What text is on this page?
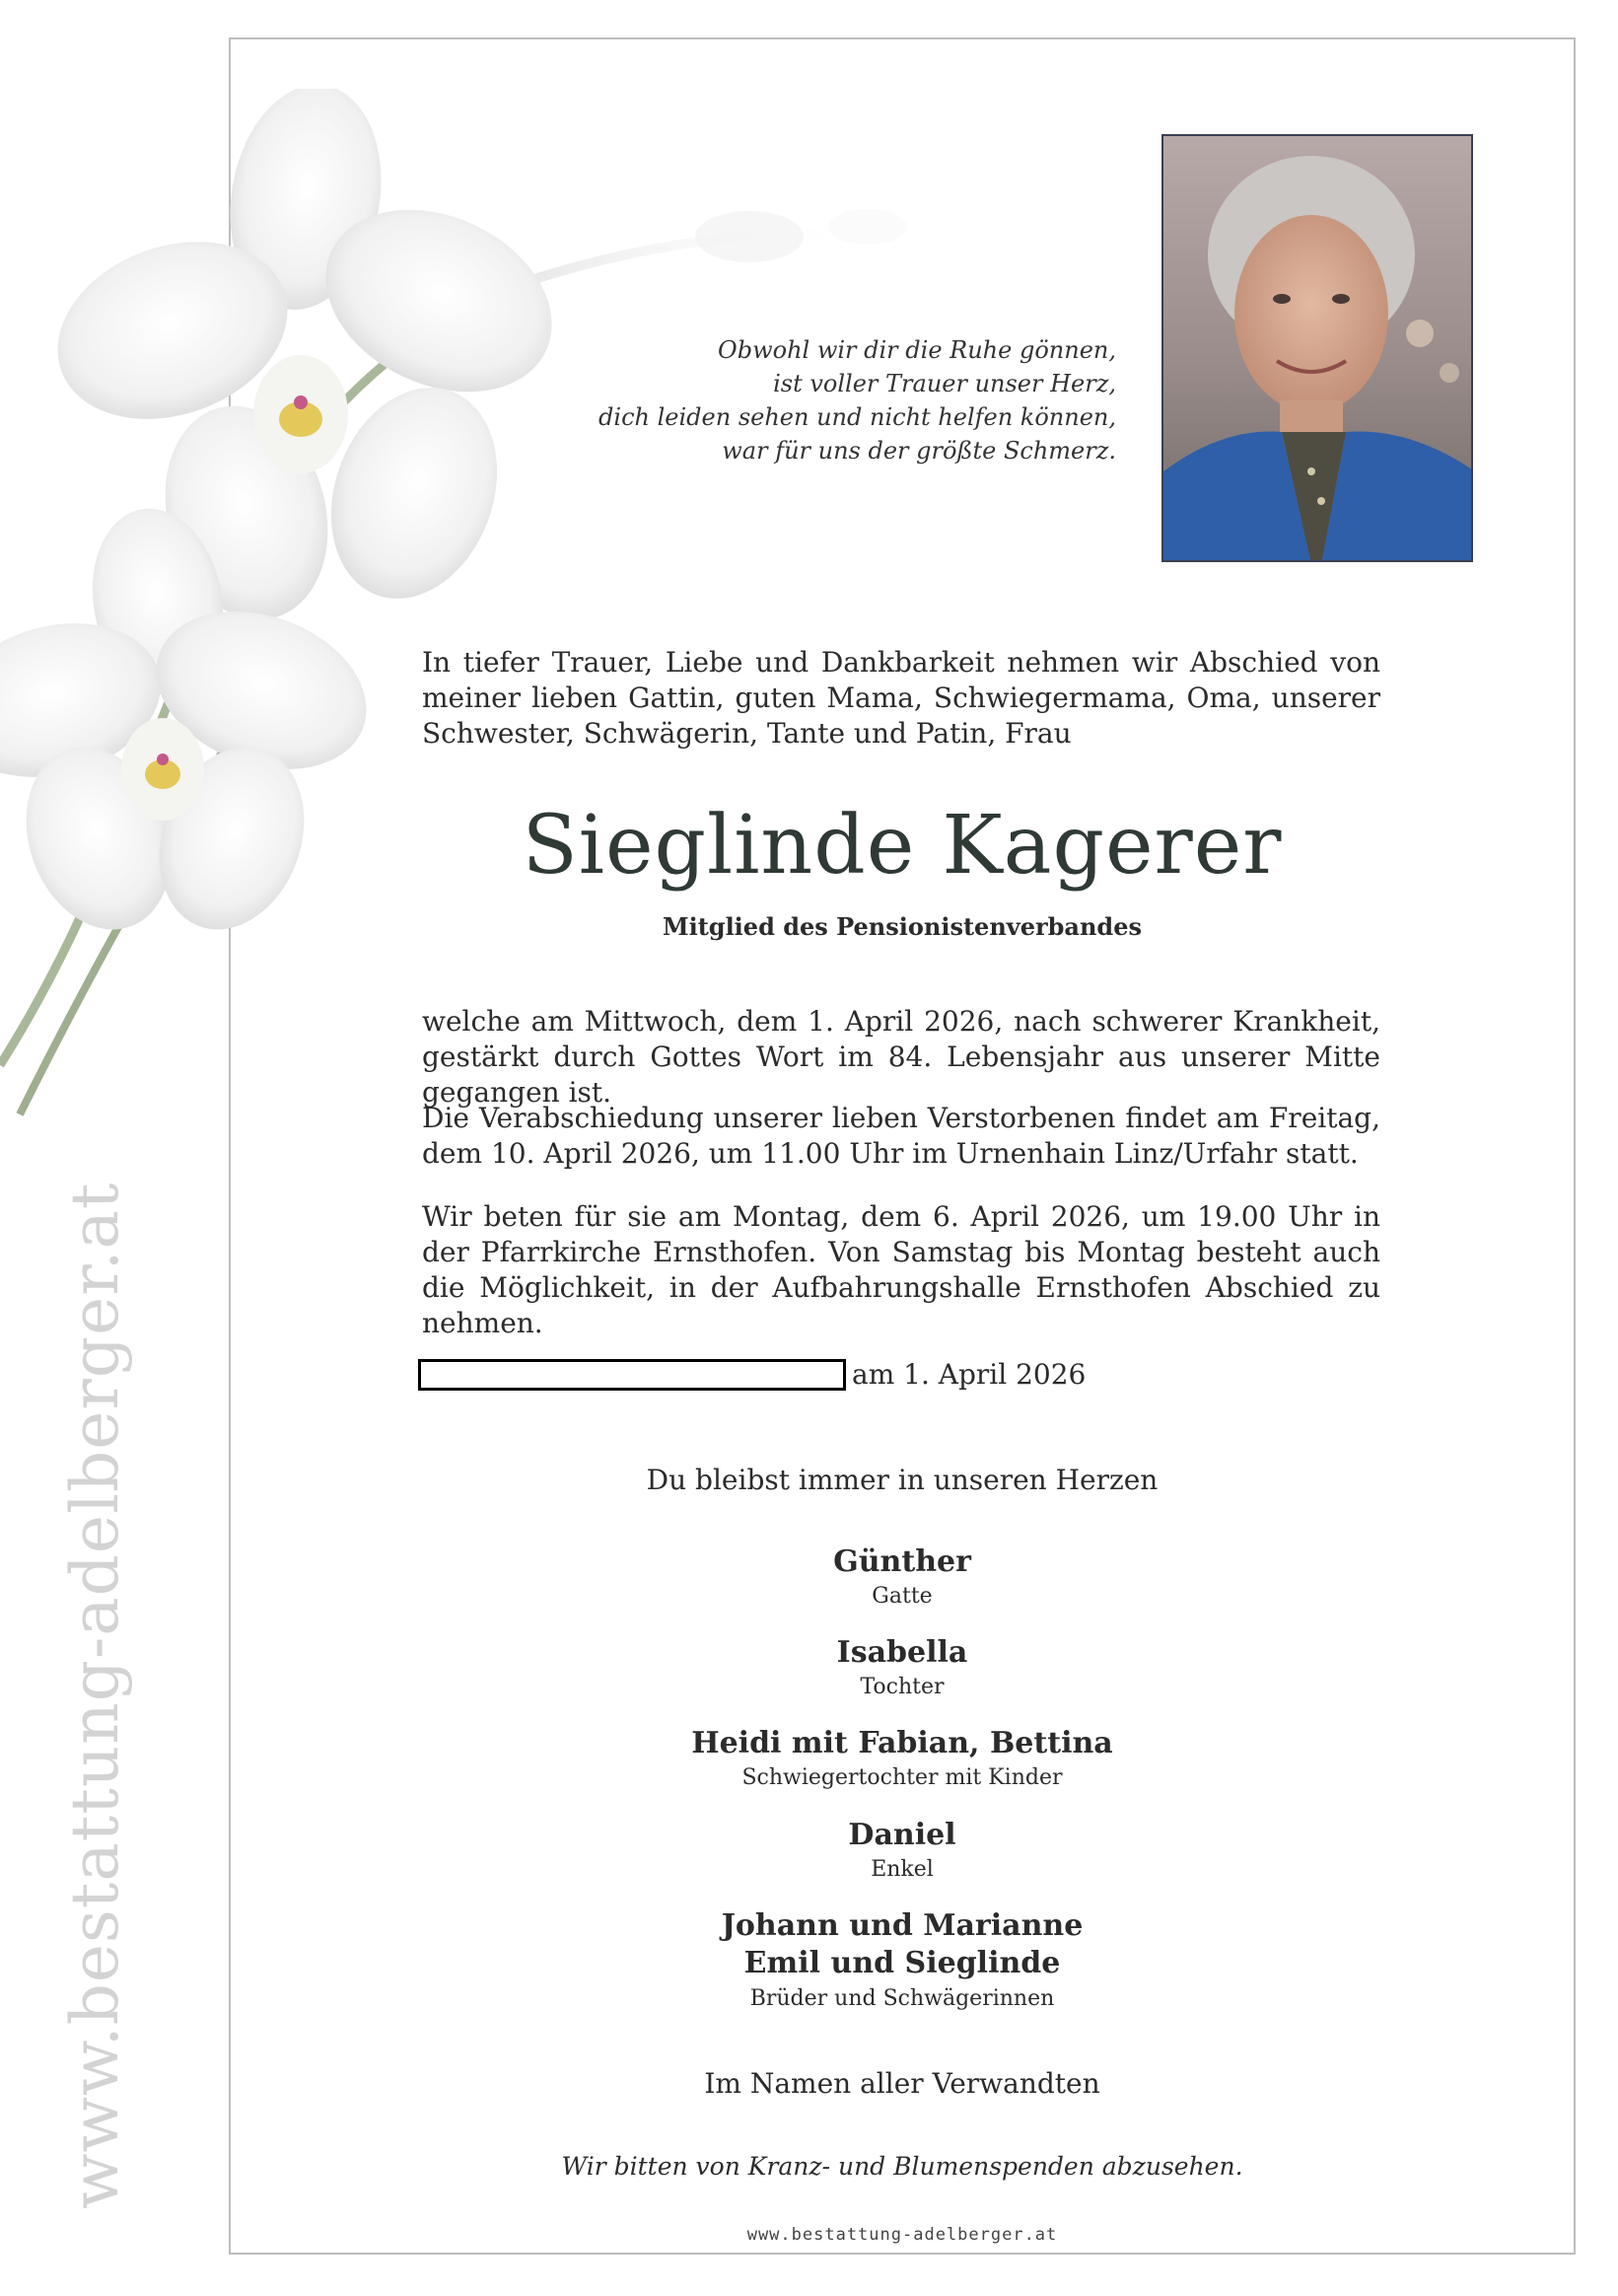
www.bestattung-adelberger.at
Obwohl wir dir die Ruhe gönnen,
ist voller Trauer unser Herz,
dich leiden sehen und nicht helfen können,
war für uns der größte Schmerz.
In tiefer Trauer, Liebe und Dankbarkeit nehmen wir Abschied von meiner lieben Gattin, guten Mama, Schwiegermama, Oma, unserer Schwester, Schwägerin, Tante und Patin, Frau
Sieglinde Kagerer
Mitglied des Pensionistenverbandes
welche am Mittwoch, dem 1. April 2026, nach schwerer Krankheit, gestärkt durch Gottes Wort im 84. Lebensjahr aus unserer Mitte gegangen ist.
Die Verabschiedung unserer lieben Verstorbenen findet am Freitag, dem 10. April 2026, um 11.00 Uhr im Urnenhain Linz/Urfahr statt.
Wir beten für sie am Montag, dem 6. April 2026, um 19.00 Uhr in der Pfarrkirche Ernsthofen. Von Samstag bis Montag besteht auch die Möglichkeit, in der Aufbahrungshalle Ernsthofen Abschied zu nehmen.
am 1. April 2026
Du bleibst immer in unseren Herzen
Günther
Gatte
Isabella
Tochter
Heidi mit Fabian, Bettina
Schwiegertochter mit Kinder
Daniel
Enkel
Johann und Marianne
Emil und Sieglinde
Brüder und Schwägerinnen
Im Namen aller Verwandten
Wir bitten von Kranz- und Blumenspenden abzusehen.
www.bestattung-adelberger.at
